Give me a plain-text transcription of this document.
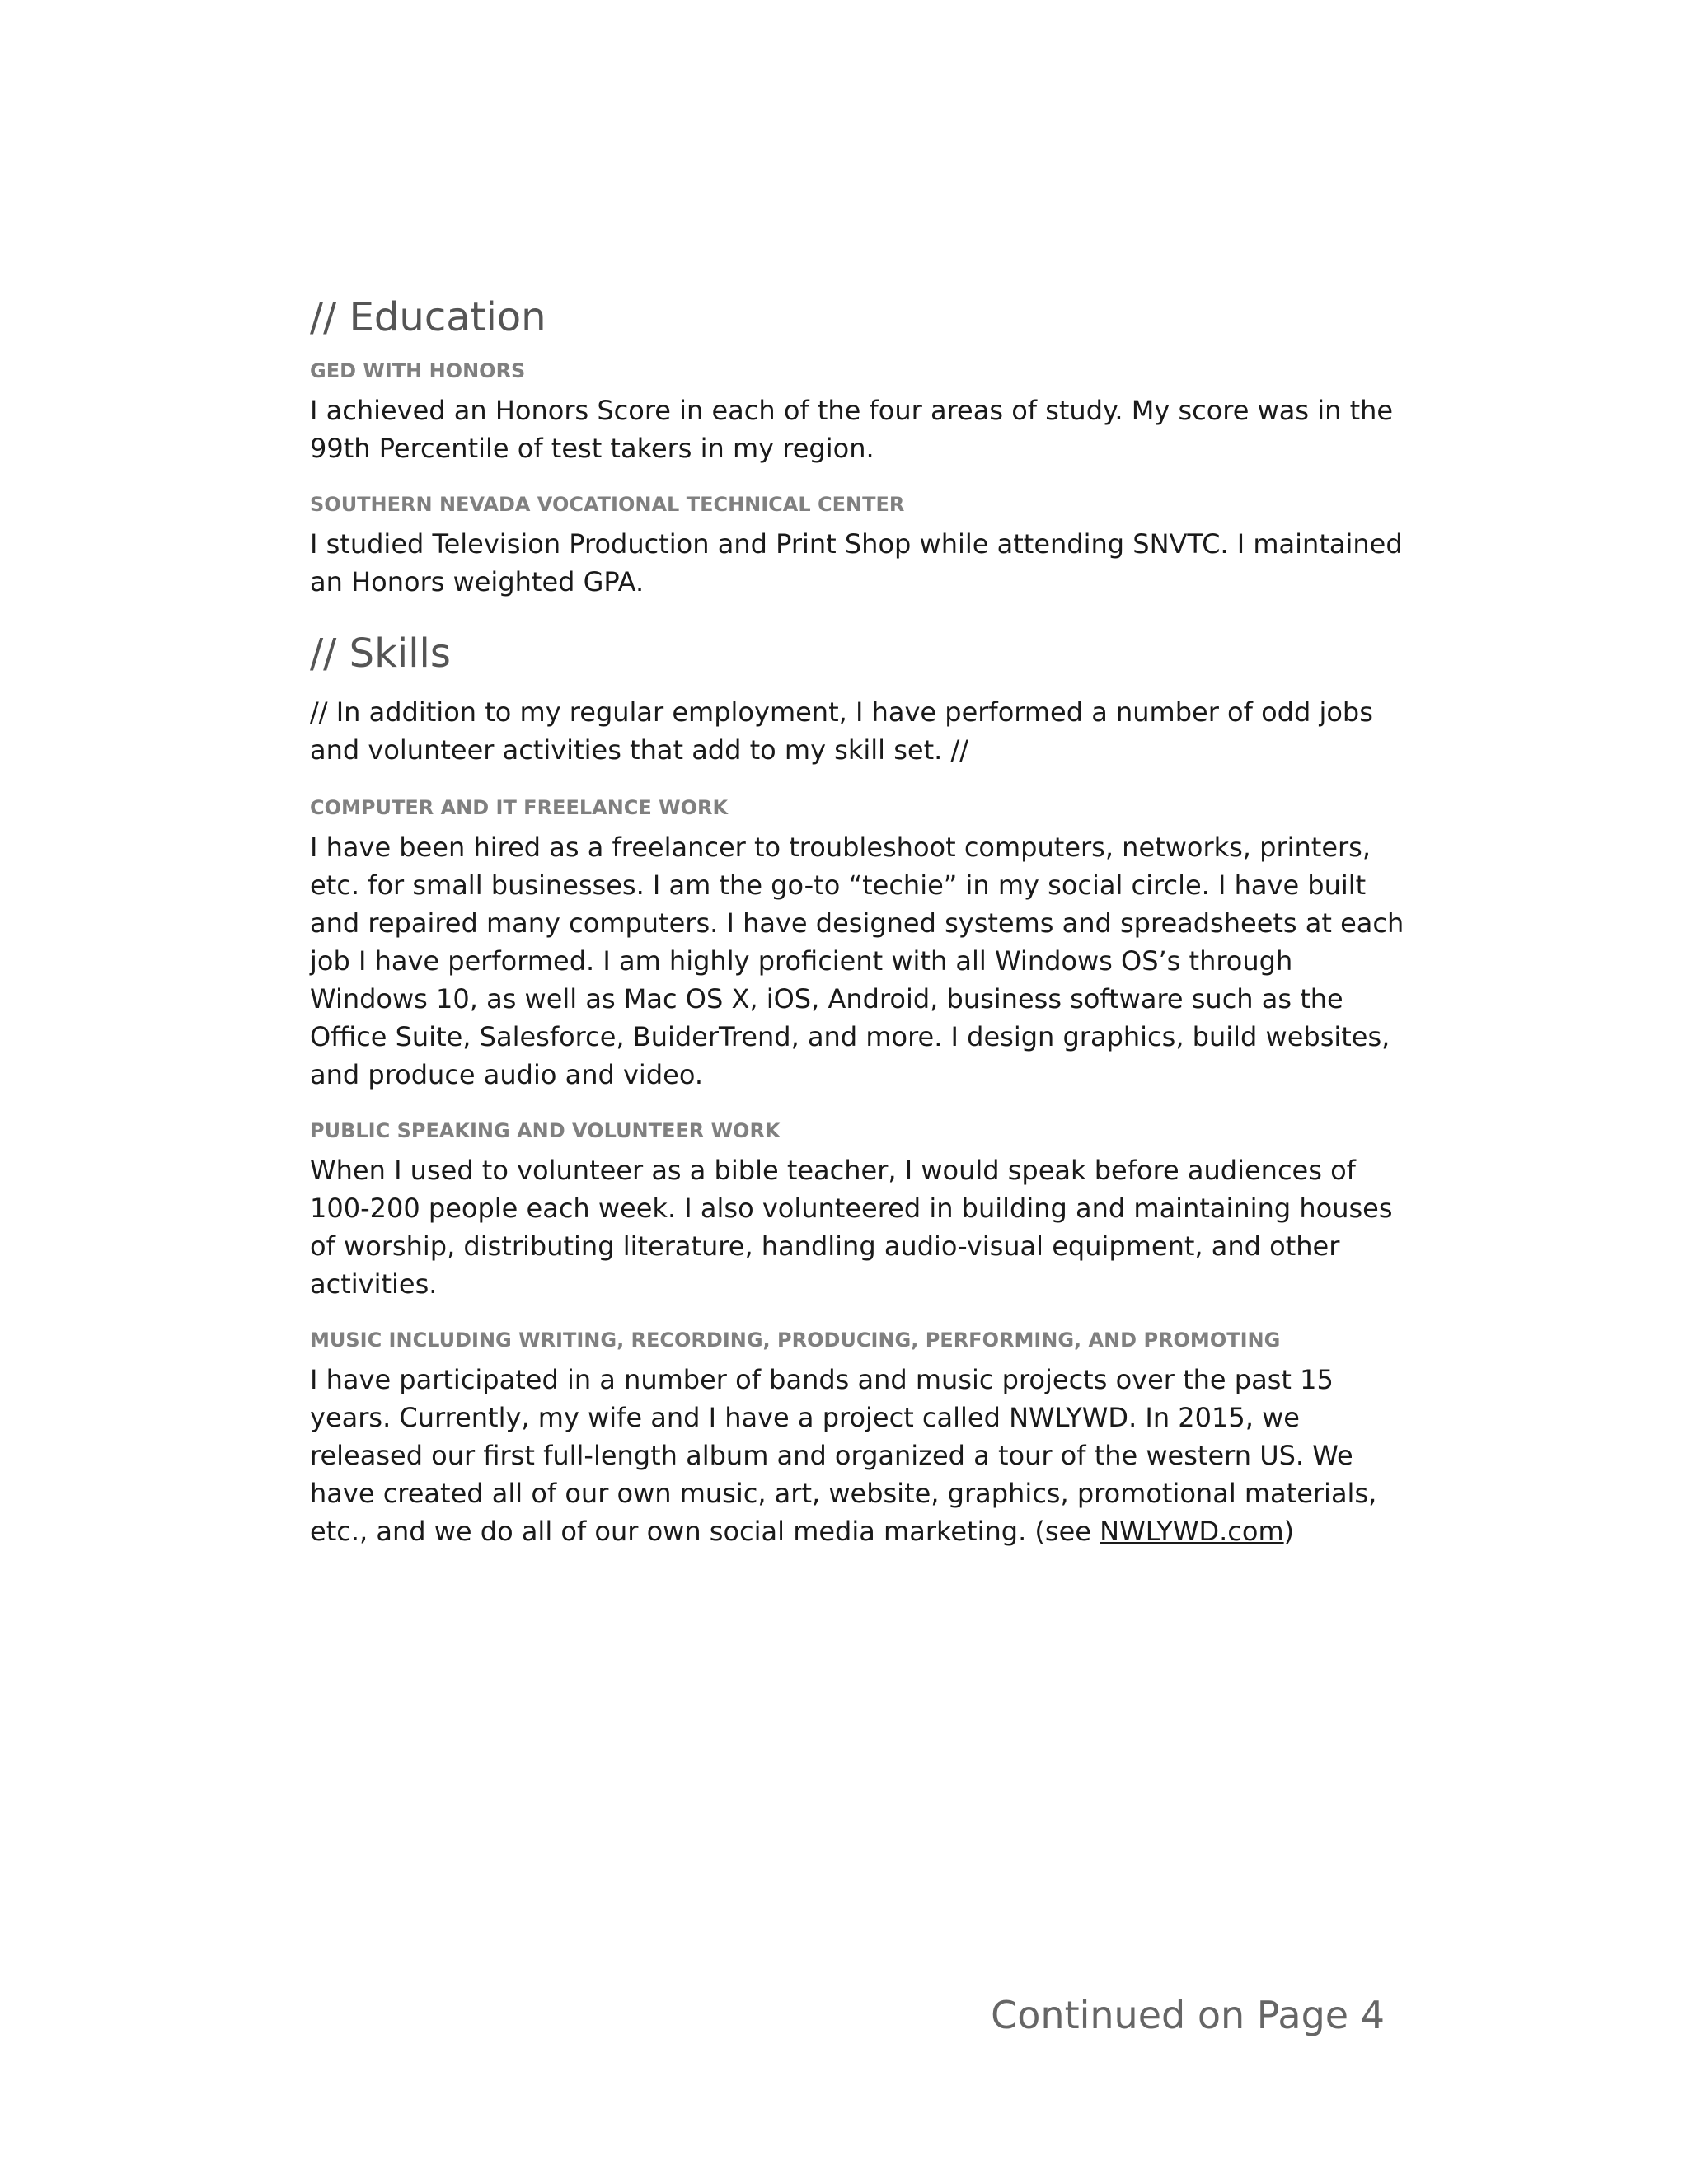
// Education
GED WITH HONORS

I achieved an Honors Score in each of the four areas of study. My score was in the 99th Percentile of test takers in my region.

SOUTHERN NEVADA VOCATIONAL TECHNICAL CENTER

I studied Television Production and Print Shop while attending SNVTC. I maintained an Honors weighted GPA.

// Skills

// In addition to my regular employment, I have performed a number of odd jobs and volunteer activities that add to my skill set. //

COMPUTER AND IT FREELANCE WORK

I have been hired as a freelancer to troubleshoot computers, networks, printers, etc. for small businesses. I am the go-to “techie” in my social circle. I have built and repaired many computers. I have designed systems and spreadsheets at each job I have performed. I am highly proficient with all Windows OS’s through Windows 10, as well as Mac OS X, iOS, Android, business software such as the Office Suite, Salesforce, BuiderTrend, and more. I design graphics, build websites, and produce audio and video.

PUBLIC SPEAKING AND VOLUNTEER WORK

When I used to volunteer as a bible teacher, I would speak before audiences of 100-200 people each week. I also volunteered in building and maintaining houses of worship, distributing literature, handling audio-visual equipment, and other activities.

MUSIC INCLUDING WRITING, RECORDING, PRODUCING, PERFORMING, AND PROMOTING

I have participated in a number of bands and music projects over the past 15 years. Currently, my wife and I have a project called NWLYWD. In 2015, we released our first full-length album and organized a tour of the western US. We have created all of our own music, art, website, graphics, promotional materials, etc., and we do all of our own social media marketing. (see NWLYWD.com)

Continued on Page 4
